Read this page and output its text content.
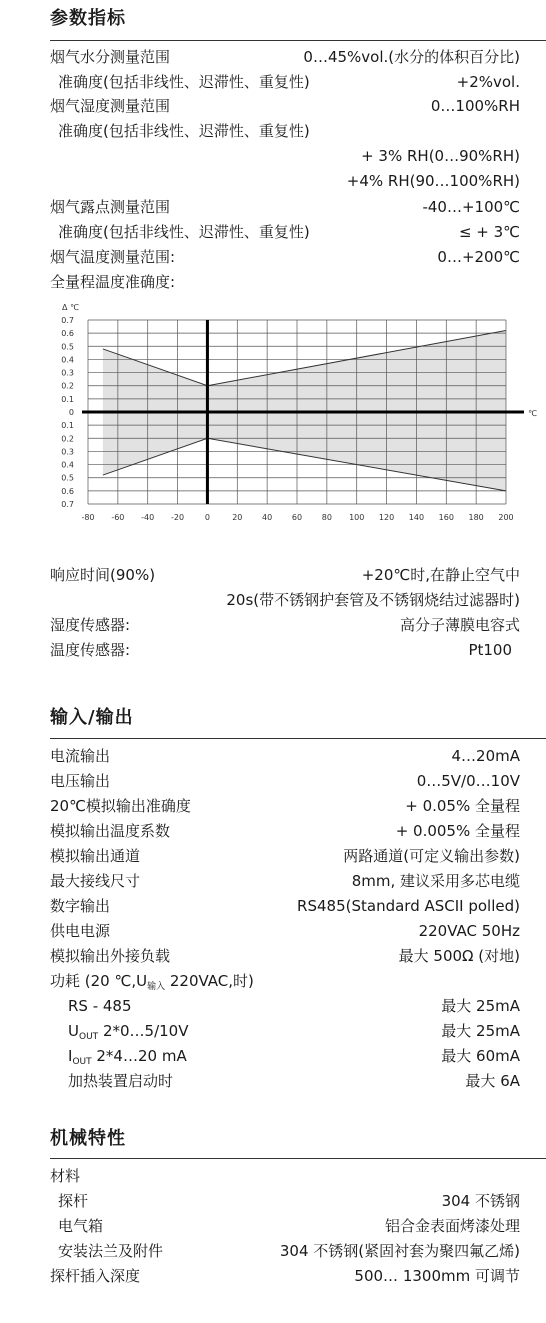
参数指标
烟气水分测量范围	0…45%vol.(水分的体积百分比)
准确度(包括非线性、迟滞性、重复性)	+2%vol.
烟气湿度测量范围	0…100%RH
准确度(包括非线性、迟滞性、重复性)
+ 3% RH(0…90%RH)
+4% RH(90…100%RH)
烟气露点测量范围	-40…+100℃
准确度(包括非线性、迟滞性、重复性)	≤ + 3℃
烟气温度测量范围:	0…+200℃
全量程温度准确度:
0.7
0.6
0.5
0.4
0.3
0.2
0.1
0
0.1
0.2
0.3
0.4
0.5
0.6
0.7
-80 -60 -40 -20	0	20 40 60 80 100 120 140 160 180 200
Δ ℃
℃
响应时间(90%)	+20℃时,在静止空气中
20s(带不锈钢护套管及不锈钢烧结过滤器时)
湿度传感器:	高分子薄膜电容式
温度传感器:	Pt100
输入/输出
电流输出	4…20mA
电压输出	0…5V/0…10V
20℃模拟输出准确度	+ 0.05% 全量程
模拟输出温度系数	+ 0.005% 全量程
模拟输出通道	两路通道(可定义输出参数)
最大接线尺寸	8mm, 建议采用多芯电缆
数字输出	RS485(Standard ASCII polled)
供电电源	220VAC 50Hz
模拟输出外接负载	最大 500Ω (对地)
功耗 (20 $℃,U_{输入}$ 220VAC,时)
RS - 485	最大 25mA
$U_{OUT}$ 2*0…5/10V	最大 25mA
$I_{OUT}$ 2*4…20 mA	最大 60mA
加热装置启动时	最大 6A
机械特性
材料
探杆	304 不锈钢
电气箱	铝合金表面烤漆处理
安装法兰及附件	304 不锈钢(紧固衬套为聚四氟乙烯)
探杆插入深度	500… 1300mm 可调节
